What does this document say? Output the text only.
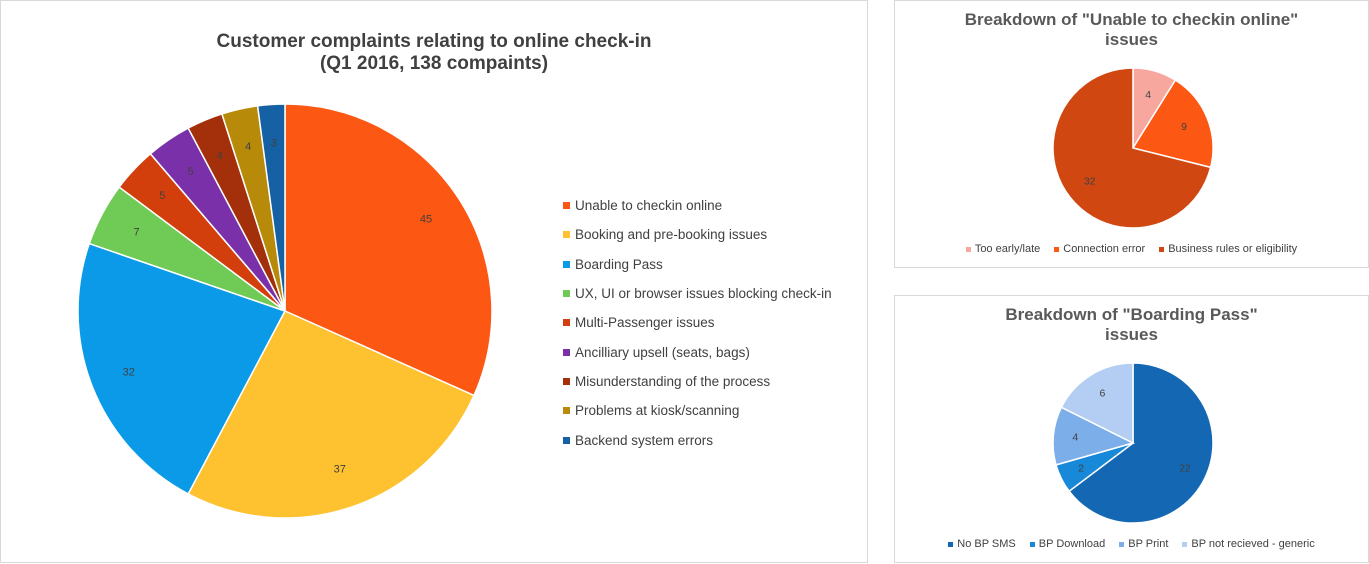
Customer complaints relating to online check-in
(Q1 2016, 138 compaints)
45
37
32
7
5
5
4
4 3
Unable to checkin online
Booking and pre-booking issues
Boarding Pass
UX, UI or browser issues blocking check-in
Multi-Passenger issues
Ancilliary upsell (seats, bags)
Misunderstanding of the process
Problems at kiosk/scanning
Backend system errors
Breakdown of "Unable to checkin online"
issues
4
9
32
Too early/late Connection error Business rules or eligibility
Breakdown of "Boarding Pass"
issues
22
2
4
6
No BP SMS BP Download BP Print BP not recieved - generic
